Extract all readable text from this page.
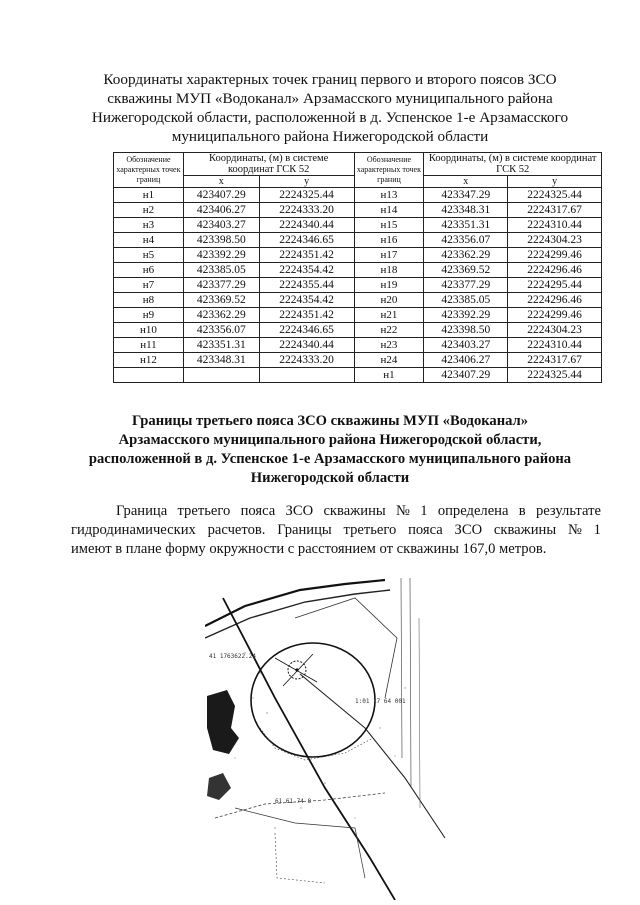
Координаты характерных точек границ первого и второго поясов ЗСО
скважины МУП «Водоканал» Арзамасского муниципального района
Нижегородской области, расположенной в д. Успенское 1-е Арзамасского
муниципального района Нижегородской области
Обозначение характерных точек границ	Координаты, (м) в системе координат ГСК 52		Обозначение характерных точек границ	Координаты, (м) в системе координат ГСК 52	
	x	y		x	y
н1	423407.29	2224325.44	н13	423347.29	2224325.44
н2	423406.27	2224333.20	н14	423348.31	2224317.67
н3	423403.27	2224340.44	н15	423351.31	2224310.44
н4	423398.50	2224346.65	н16	423356.07	2224304.23
н5	423392.29	2224351.42	н17	423362.29	2224299.46
н6	423385.05	2224354.42	н18	423369.52	2224296.46
н7	423377.29	2224355.44	н19	423377.29	2224295.44
н8	423369.52	2224354.42	н20	423385.05	2224296.46
н9	423362.29	2224351.42	н21	423392.29	2224299.46
н10	423356.07	2224346.65	н22	423398.50	2224304.23
н11	423351.31	2224340.44	н23	423403.27	2224310.44
н12	423348.31	2224333.20	н24	423406.27	2224317.67
			н1	423407.29	2224325.44
Границы третьего пояса ЗСО скважины МУП «Водоканал»
Арзамасского муниципального района Нижегородской области,
расположенной в д. Успенское 1-е Арзамасского муниципального района
Нижегородской области
Граница третьего пояса ЗСО скважины № 1 определена в результате
гидродинамических расчетов. Границы третьего пояса ЗСО скважины № 1
имеют в плане форму окружности с расстоянием от скважины 167,0 метров.
41 1763622.24
61 61 74 8
1:01 17 64 001
